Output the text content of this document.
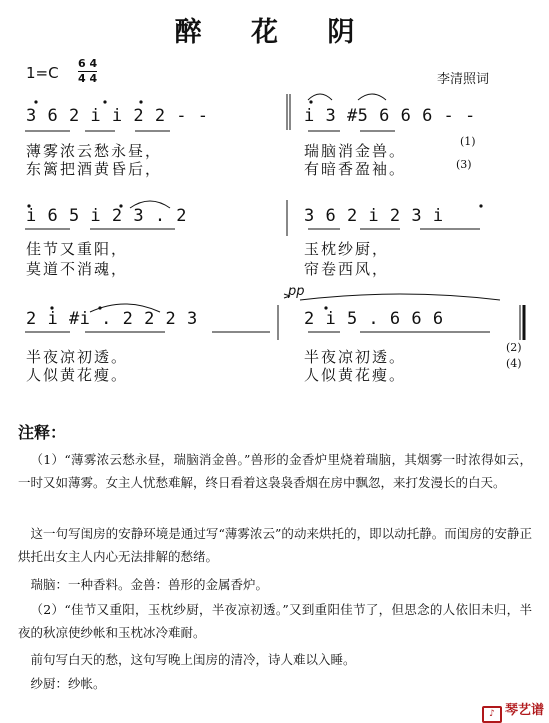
醉 花 阴
1=C
6 4
4 4	李清照词
3 6 2 i i 2 2 - -	i 3 #5 6 6 6 - -
薄雾浓云愁永昼，	瑞脑消金兽。
(1)
东篱把酒黄昏后，	有暗香盈袖。	(3)
i 6 5 i 2 3 . 2	3 6 2 i 2 3 i
佳节又重阳，	玉枕纱厨，
莫道不消魂，	帘卷西风，
pp
2 i #i . 2 2 2 3	2 i 5 . 6 6 6
半夜凉初透。	半夜凉初透。
(2)
人似黄花瘦。	人似黄花瘦。
(4)
注释：
（1）“薄雾浓云愁永昼，瑞脑消金兽。”兽形的金香炉里烧着瑞脑，其烟雾一时浓得如云，一时又如薄雾。女主人忧愁难解，终日看着这袅袅香烟在房中飘忽，来打发漫长的白天。
这一句写闺房的安静环境是通过写“薄雾浓云”的动来烘托的，即以动托静。而闺房的安静正烘托出女主人内心无法排解的愁绪。
瑞脑：一种香料。金兽：兽形的金属香炉。
（2）“佳节又重阳，玉枕纱厨，半夜凉初透。”又到重阳佳节了，但思念的人依旧未归，半夜的秋凉使纱帐和玉枕冰冷难耐。
前句写白天的愁，这句写晚上闺房的清冷，诗人难以入睡。
纱厨：纱帐。
♪ 琴艺谱
